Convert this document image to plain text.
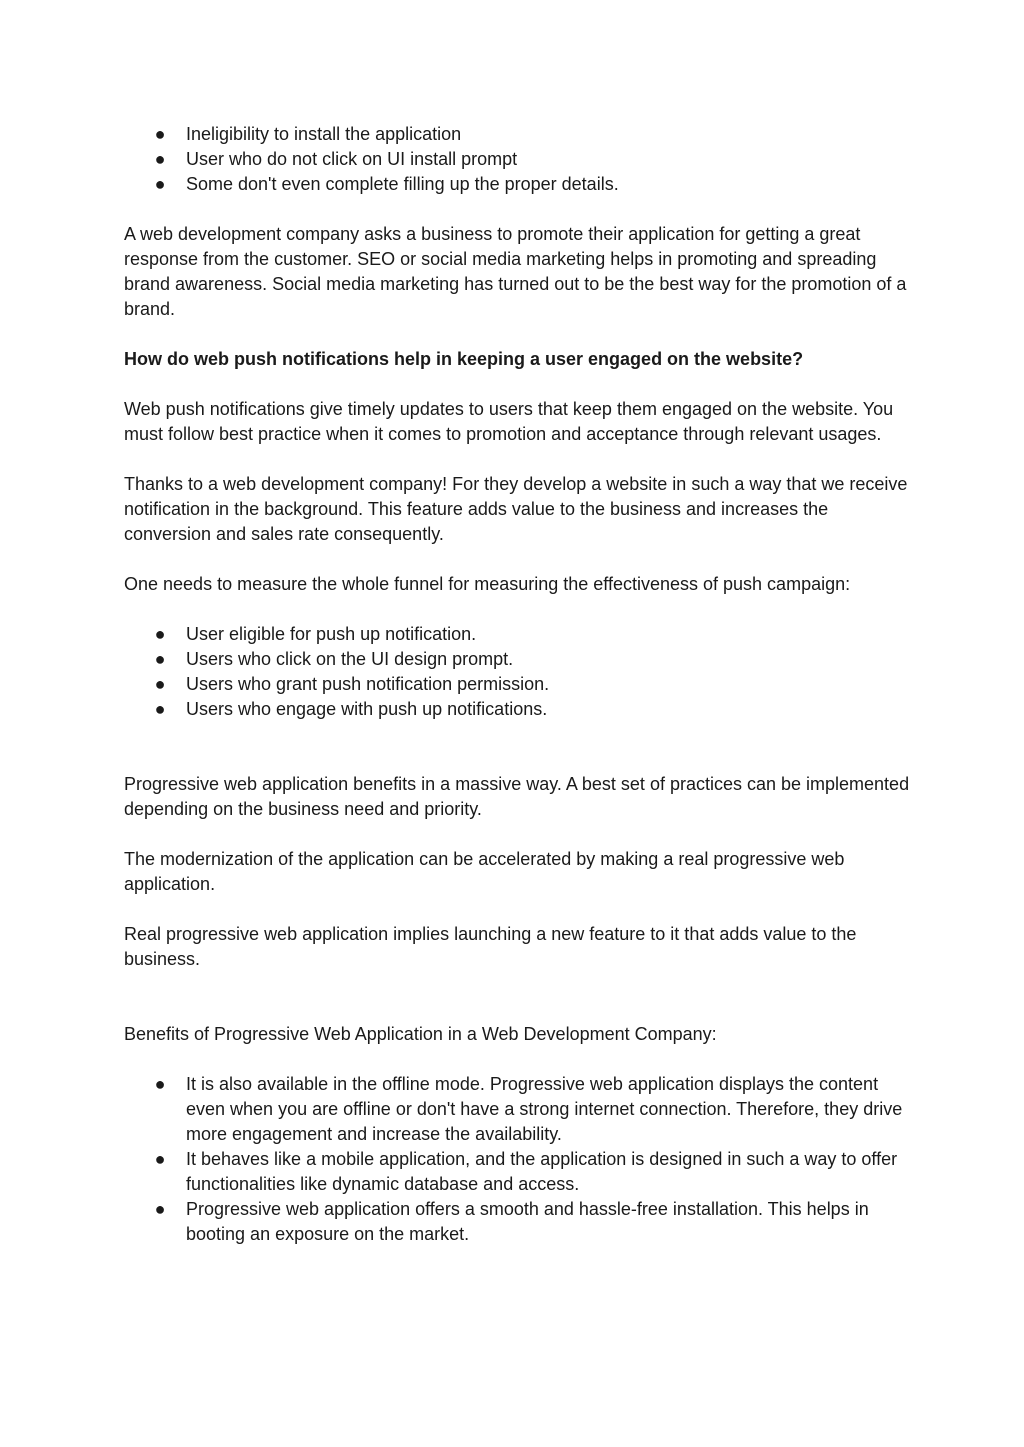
● Ineligibility to install the application
● User who do not click on UI install prompt
● Some don't even complete filling up the proper details.

A web development company asks a business to promote their application for getting a great response from the customer. SEO or social media marketing helps in promoting and spreading brand awareness. Social media marketing has turned out to be the best way for the promotion of a brand.

How do web push notifications help in keeping a user engaged on the website?

Web push notifications give timely updates to users that keep them engaged on the website. You must follow best practice when it comes to promotion and acceptance through relevant usages.

Thanks to a web development company! For they develop a website in such a way that we receive notification in the background. This feature adds value to the business and increases the conversion and sales rate consequently.

One needs to measure the whole funnel for measuring the effectiveness of push campaign:

● User eligible for push up notification.
● Users who click on the UI design prompt.
● Users who grant push notification permission.
● Users who engage with push up notifications.

Progressive web application benefits in a massive way. A best set of practices can be implemented depending on the business need and priority.

The modernization of the application can be accelerated by making a real progressive web application.

Real progressive web application implies launching a new feature to it that adds value to the business.

Benefits of Progressive Web Application in a Web Development Company:

● It is also available in the offline mode. Progressive web application displays the content even when you are offline or don't have a strong internet connection. Therefore, they drive more engagement and increase the availability.
● It behaves like a mobile application, and the application is designed in such a way to offer functionalities like dynamic database and access.
● Progressive web application offers a smooth and hassle-free installation. This helps in booting an exposure on the market.
